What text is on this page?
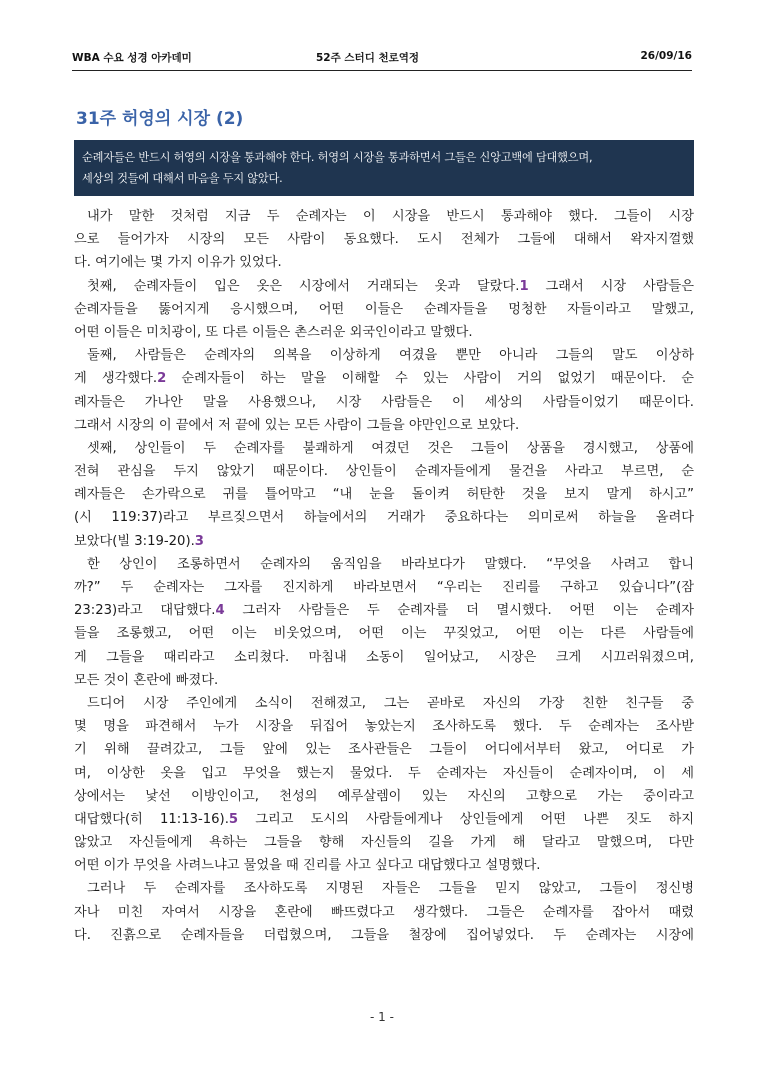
WBA 수요 성경 아카데미	52주 스터디 천로역정	26/09/16
31주 허영의 시장 (2)
순례자들은 반드시 허영의 시장을 통과해야 한다. 허영의 시장을 통과하면서 그들은 신앙고백에 담대했으며,
세상의 것들에 대해서 마음을 두지 않았다.
내가 말한 것처럼 지금 두 순례자는 이 시장을 반드시 통과해야 했다. 그들이 시장
으로 들어가자 시장의 모든 사람이 동요했다. 도시 전체가 그들에 대해서 왁자지껄했
다. 여기에는 몇 가지 이유가 있었다.
첫째, 순례자들이 입은 옷은 시장에서 거래되는 옷과 달랐다.1 그래서 시장 사람들은
순례자들을 뚫어지게 응시했으며, 어떤 이들은 순례자들을 멍청한 자들이라고 말했고,
어떤 이들은 미치광이, 또 다른 이들은 촌스러운 외국인이라고 말했다.
둘째, 사람들은 순례자의 의복을 이상하게 여겼을 뿐만 아니라 그들의 말도 이상하
게 생각했다.2 순례자들이 하는 말을 이해할 수 있는 사람이 거의 없었기 때문이다. 순
례자들은 가나안 말을 사용했으나, 시장 사람들은 이 세상의 사람들이었기 때문이다.
그래서 시장의 이 끝에서 저 끝에 있는 모든 사람이 그들을 야만인으로 보았다.
셋째, 상인들이 두 순례자를 불쾌하게 여겼던 것은 그들이 상품을 경시했고, 상품에
전혀 관심을 두지 않았기 때문이다. 상인들이 순례자들에게 물건을 사라고 부르면, 순
례자들은 손가락으로 귀를 틀어막고 “내 눈을 돌이켜 허탄한 것을 보지 말게 하시고”
(시 119:37)라고 부르짖으면서 하늘에서의 거래가 중요하다는 의미로써 하늘을 올려다
보았다(빌 3:19-20).3
한 상인이 조롱하면서 순례자의 움직임을 바라보다가 말했다. “무엇을 사려고 합니
까?” 두 순례자는 그자를 진지하게 바라보면서 “우리는 진리를 구하고 있습니다”(잠
23:23)라고 대답했다.4 그러자 사람들은 두 순례자를 더 멸시했다. 어떤 이는 순례자
들을 조롱했고, 어떤 이는 비웃었으며, 어떤 이는 꾸짖었고, 어떤 이는 다른 사람들에
게 그들을 때리라고 소리쳤다. 마침내 소동이 일어났고, 시장은 크게 시끄러워졌으며,
모든 것이 혼란에 빠졌다.
드디어 시장 주인에게 소식이 전해졌고, 그는 곧바로 자신의 가장 친한 친구들 중
몇 명을 파견해서 누가 시장을 뒤집어 놓았는지 조사하도록 했다. 두 순례자는 조사받
기 위해 끌려갔고, 그들 앞에 있는 조사관들은 그들이 어디에서부터 왔고, 어디로 가
며, 이상한 옷을 입고 무엇을 했는지 물었다. 두 순례자는 자신들이 순례자이며, 이 세
상에서는 낯선 이방인이고, 천성의 예루살렘이 있는 자신의 고향으로 가는 중이라고
대답했다(히 11:13-16).5 그리고 도시의 사람들에게나 상인들에게 어떤 나쁜 짓도 하지
않았고 자신들에게 욕하는 그들을 향해 자신들의 길을 가게 해 달라고 말했으며, 다만
어떤 이가 무엇을 사려느냐고 물었을 때 진리를 사고 싶다고 대답했다고 설명했다.
그러나 두 순례자를 조사하도록 지명된 자들은 그들을 믿지 않았고, 그들이 정신병
자나 미친 자여서 시장을 혼란에 빠뜨렸다고 생각했다. 그들은 순례자를 잡아서 때렸
다. 진흙으로 순례자들을 더럽혔으며, 그들을 철장에 집어넣었다. 두 순례자는 시장에
- 1 -
